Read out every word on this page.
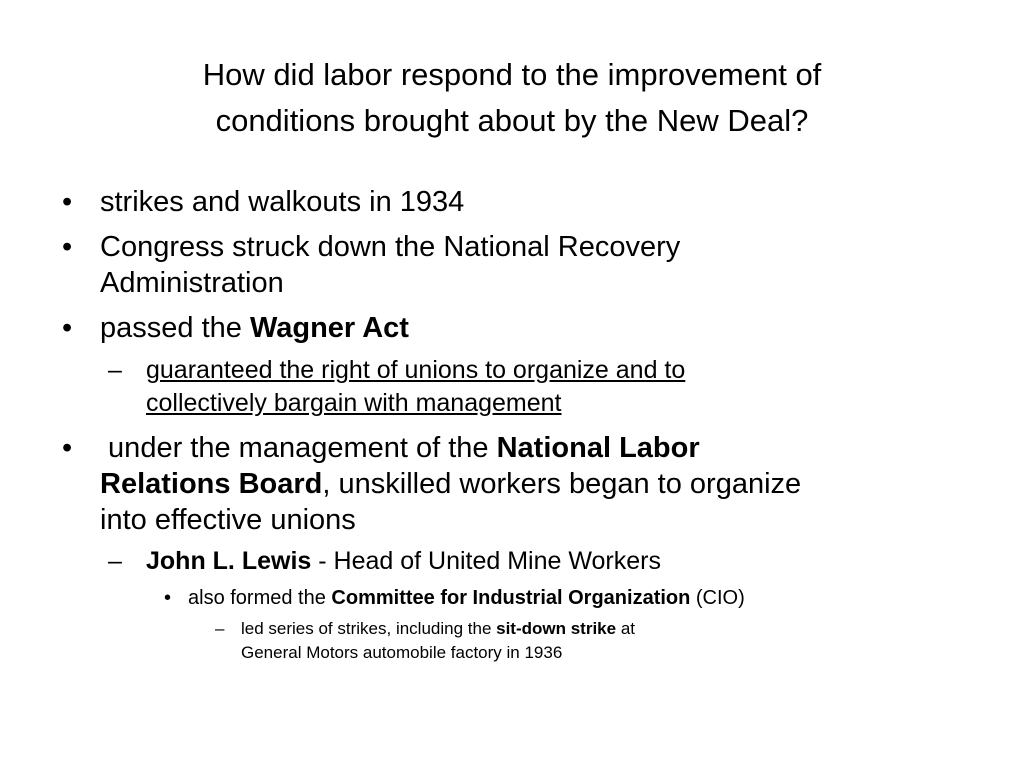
How did labor respond to the improvement of
conditions brought about by the New Deal?
• strikes and walkouts in 1934
• Congress struck down the National Recovery
Administration
• passed the Wagner Act
– guaranteed the right of unions to organize and to
collectively bargain with management
• under the management of the National Labor
Relations Board, unskilled workers began to organize
into effective unions
– John L. Lewis - Head of United Mine Workers
• also formed the Committee for Industrial Organization (CIO)
– led series of strikes, including the sit-down strike at
General Motors automobile factory in 1936
